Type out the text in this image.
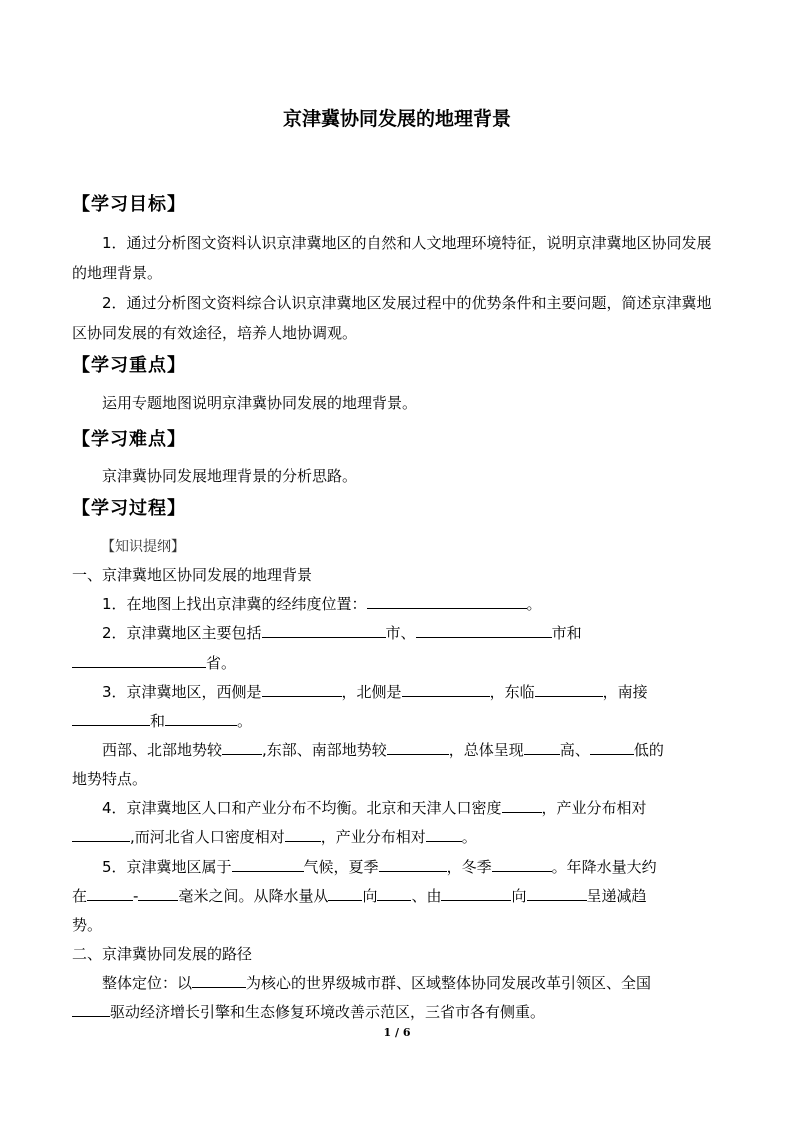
京津冀协同发展的地理背景
【学习目标】
1．通过分析图文资料认识京津冀地区的自然和人文地理环境特征，说明京津冀地区协同发展的地理背景。
2．通过分析图文资料综合认识京津冀地区发展过程中的优势条件和主要问题，简述京津冀地区协同发展的有效途径，培养人地协调观。
【学习重点】
运用专题地图说明京津冀协同发展的地理背景。
【学习难点】
京津冀协同发展地理背景的分析思路。
【学习过程】
【知识提纲】
一、京津冀地区协同发展的地理背景
1．在地图上找出京津冀的经纬度位置：	。
2．京津冀地区主要包括	市、	市和
省。
3．京津冀地区，西侧是	，北侧是	，东临	，南接
和	。
西部、北部地势较	,东部、南部地势较	，总体呈现 高、	低的
地势特点。
4．京津冀地区人口和产业分布不均衡。北京和天津人口密度	，产业分布相对
,而河北省人口密度相对 ，产业分布相对 。
5．京津冀地区属于	气候，夏季	，冬季	。年降水量大约
在	-	毫米之间。从降水量从 向 、由	向	呈递减趋
势。
二、京津冀协同发展的路径
整体定位：以	为核心的世界级城市群、区域整体协同发展改革引领区、全国
驱动经济增长引擎和生态修复环境改善示范区，三省市各有侧重。
1 / 6
